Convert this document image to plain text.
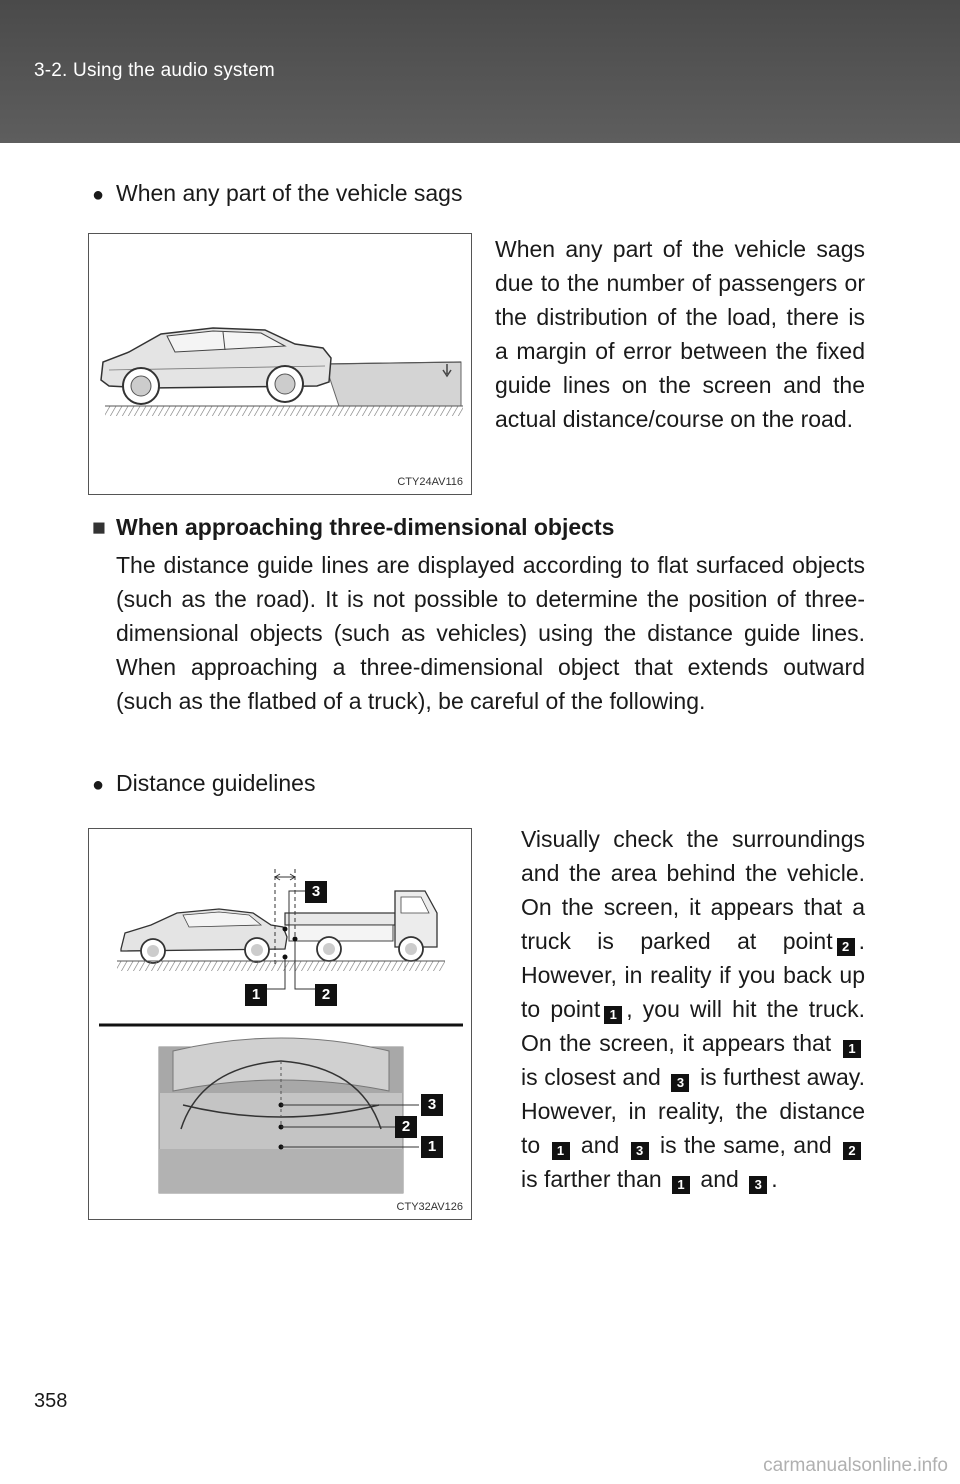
3-2. Using the audio system
● When any part of the vehicle sags
CTY24AV116

When any part of the vehicle sags due to the number of passengers or the distribution of the load, there is a margin of error between the fixed guide lines on the screen and the actual distance/course on the road.

■ When approaching three-dimensional objects

The distance guide lines are displayed according to flat surfaced objects (such as the road). It is not possible to determine the position of three-dimensional objects (such as vehicles) using the distance guide lines. When approaching a three-dimensional object that extends outward (such as the flatbed of a truck), be careful of the following.

● Distance guidelines
3
1	2
3
2
1
CTY32AV126

Visually check the surroundings and the area behind the vehicle. On the screen, it appears that a truck is parked at point 2 . However, in reality if you back up to point 1 , you will hit the truck. On the screen, it appears that 1 is closest and 3 is furthest away. However, in reality, the distance to 1 and 3 is the same, and 2 is farther than 1 and 3 .

358
carmanualsonline.info
